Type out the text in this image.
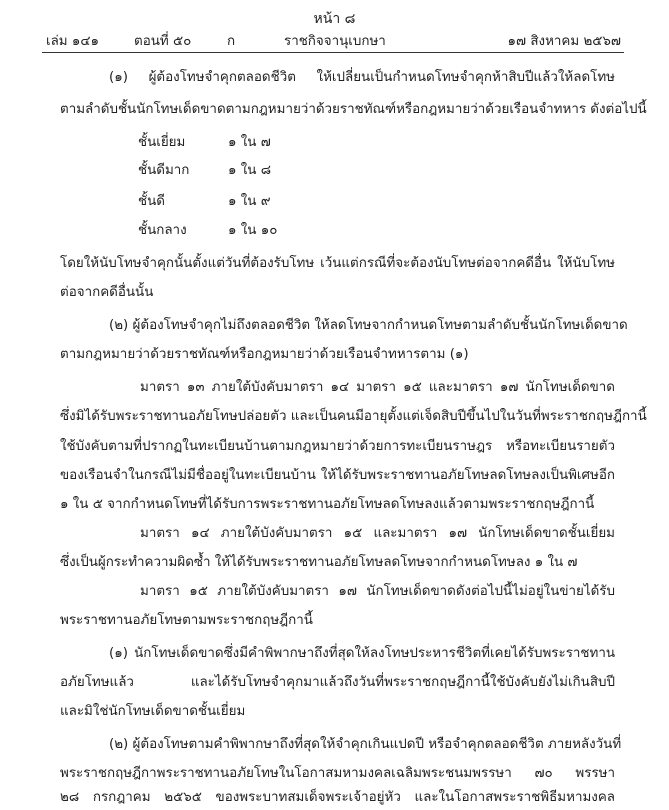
หน้า ๘
เล่ม ๑๔๑	ตอนที่ ๕๐	ก	ราชกิจจานุเบกษา	๑๗ สิงหาคม ๒๕๖๗
(๑) ผู้ต้องโทษจำคุกตลอดชีวิต ให้เปลี่ยนเป็นกำหนดโทษจำคุกห้าสิบปีแล้วให้ลดโทษ
ตามลำดับชั้นนักโทษเด็ดขาดตามกฎหมายว่าด้วยราชทัณฑ์หรือกฎหมายว่าด้วยเรือนจำทหาร ดังต่อไปนี้
ชั้นเยี่ยม	๑ ใน ๗
ชั้นดีมาก	๑ ใน ๘
ชั้นดี	๑ ใน ๙
ชั้นกลาง	๑ ใน ๑๐
โดยให้นับโทษจำคุกนั้นตั้งแต่วันที่ต้องรับโทษ เว้นแต่กรณีที่จะต้องนับโทษต่อจากคดีอื่น ให้นับโทษ
ต่อจากคดีอื่นนั้น
(๒) ผู้ต้องโทษจำคุกไม่ถึงตลอดชีวิต ให้ลดโทษจากกำหนดโทษตามลำดับชั้นนักโทษเด็ดขาด
ตามกฎหมายว่าด้วยราชทัณฑ์หรือกฎหมายว่าด้วยเรือนจำทหารตาม (๑)
มาตรา ๑๓ ภายใต้บังคับมาตรา ๑๔ มาตรา ๑๕ และมาตรา ๑๗ นักโทษเด็ดขาด
ซึ่งมิได้รับพระราชทานอภัยโทษปล่อยตัว และเป็นคนมีอายุตั้งแต่เจ็ดสิบปีขึ้นไปในวันที่พระราชกฤษฎีกานี้
ใช้บังคับตามที่ปรากฏในทะเบียนบ้านตามกฎหมายว่าด้วยการทะเบียนราษฎร หรือทะเบียนรายตัว
ของเรือนจำในกรณีไม่มีชื่ออยู่ในทะเบียนบ้าน ให้ได้รับพระราชทานอภัยโทษลดโทษลงเป็นพิเศษอีก
๑ ใน ๕ จากกำหนดโทษที่ได้รับการพระราชทานอภัยโทษลดโทษลงแล้วตามพระราชกฤษฎีกานี้
มาตรา ๑๔ ภายใต้บังคับมาตรา ๑๕ และมาตรา ๑๗ นักโทษเด็ดขาดชั้นเยี่ยม
ซึ่งเป็นผู้กระทำความผิดซ้ำ ให้ได้รับพระราชทานอภัยโทษลดโทษจากกำหนดโทษลง ๑ ใน ๗
มาตรา ๑๕ ภายใต้บังคับมาตรา ๑๗ นักโทษเด็ดขาดดังต่อไปนี้ไม่อยู่ในข่ายได้รับ
พระราชทานอภัยโทษตามพระราชกฤษฎีกานี้
(๑) นักโทษเด็ดขาดซึ่งมีคำพิพากษาถึงที่สุดให้ลงโทษประหารชีวิตที่เคยได้รับพระราชทาน
อภัยโทษแล้ว และได้รับโทษจำคุกมาแล้วถึงวันที่พระราชกฤษฎีกานี้ใช้บังคับยังไม่เกินสิบปี
และมิใช่นักโทษเด็ดขาดชั้นเยี่ยม
(๒) ผู้ต้องโทษตามคำพิพากษาถึงที่สุดให้จำคุกเกินแปดปี หรือจำคุกตลอดชีวิต ภายหลังวันที่
พระราชกฤษฎีกาพระราชทานอภัยโทษในโอกาสมหามงคลเฉลิมพระชนมพรรษา ๗๐ พรรษา
๒๘ กรกฎาคม ๒๕๖๕ ของพระบาทสมเด็จพระเจ้าอยู่หัว และในโอกาสพระราชพิธีมหามงคล
